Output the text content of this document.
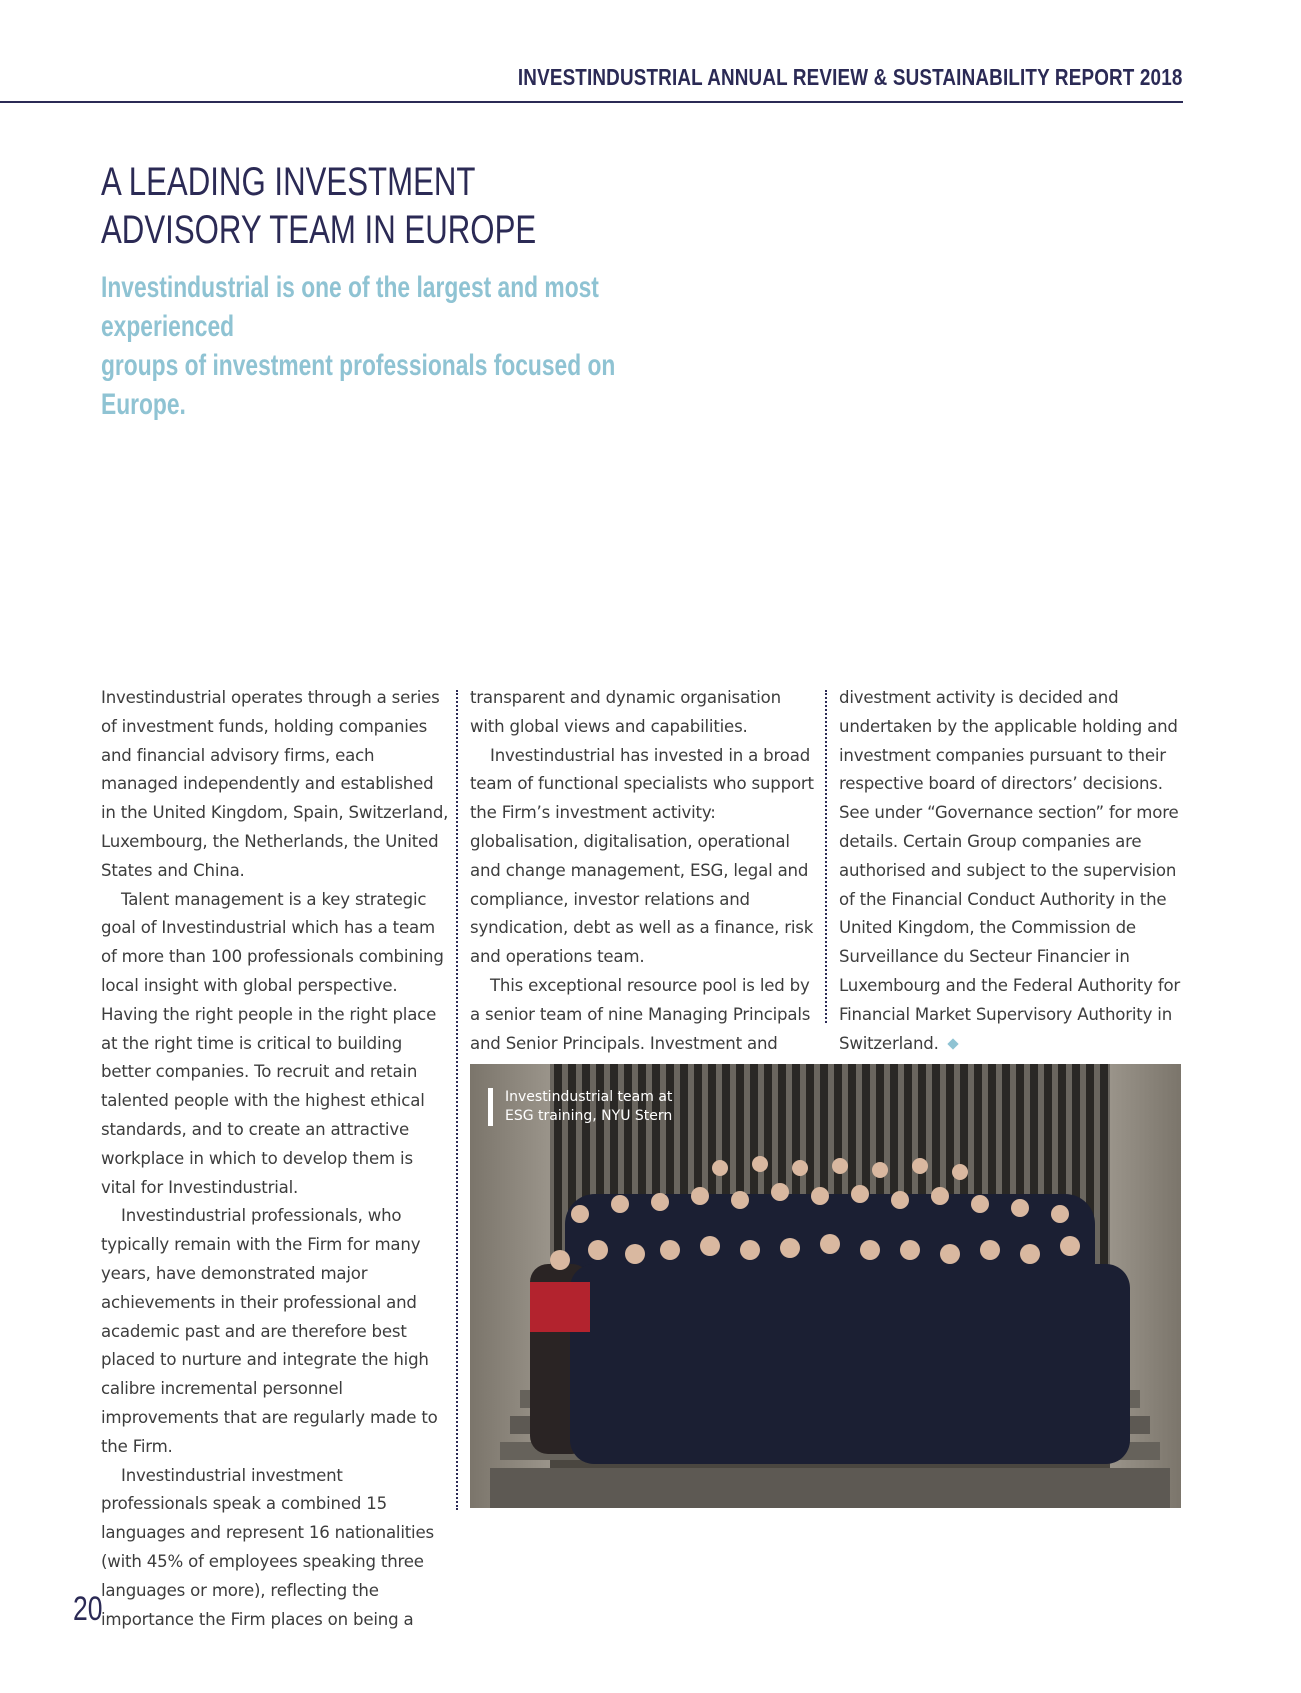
INVESTINDUSTRIAL ANNUAL REVIEW & SUSTAINABILITY REPORT 2018
A LEADING INVESTMENT
ADVISORY TEAM IN EUROPE
Investindustrial is one of the largest and most experienced
groups of investment professionals focused on Europe.

Investindustrial operates through a series of investment funds, holding companies and financial advisory firms, each managed independently and established in the United Kingdom, Spain, Switzerland, Luxembourg, the Netherlands, the United States and China.

Talent management is a key strategic goal of Investindustrial which has a team of more than 100 professionals combining local insight with global perspective. Having the right people in the right place at the right time is critical to building better companies. To recruit and retain talented people with the highest ethical standards, and to create an attractive workplace in which to develop them is vital for Investindustrial.

Investindustrial professionals, who typically remain with the Firm for many years, have demonstrated major achievements in their professional and academic past and are therefore best placed to nurture and integrate the high calibre incremental personnel improvements that are regularly made to the Firm.

Investindustrial investment professionals speak a combined 15 languages and represent 16 nationalities (with 45% of employees speaking three languages or more), reflecting the importance the Firm places on being a

transparent and dynamic organisation with global views and capabilities.

Investindustrial has invested in a broad team of functional specialists who support the Firm’s investment activity: globalisation, digitalisation, operational and change management, ESG, legal and compliance, investor relations and syndication, debt as well as a finance, risk and operations team.

This exceptional resource pool is led by a senior team of nine Managing Principals and Senior Principals. Investment and

divestment activity is decided and undertaken by the applicable holding and investment companies pursuant to their respective board of directors’ decisions. See under “Governance section” for more details. Certain Group companies are authorised and subject to the supervision of the Financial Conduct Authority in the United Kingdom, the Commission de Surveillance du Secteur Financier in Luxembourg and the Federal Authority for Financial Market Supervisory Authority in Switzerland.

Investindustrial team at
ESG training, NYU Stern
20
